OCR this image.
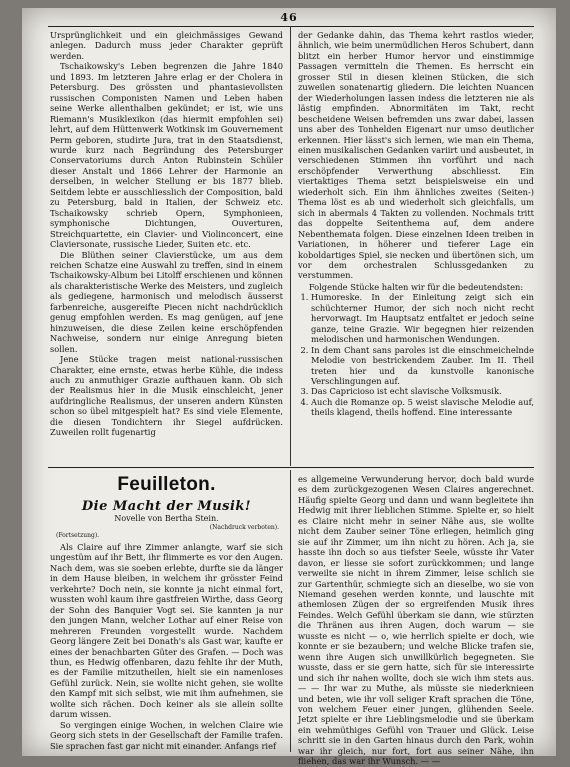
46

Ursprünglichkeit und ein gleichmässiges Gewand anlegen. Dadurch muss jeder Charakter geprüft werden.

Tschaikowsky's Leben begrenzen die Jahre 1840 und 1893. Im letzteren Jahre erlag er der Cholera in Petersburg. Des grössten und phantasievollsten russischen Componisten Namen und Leben haben seine Werke allenthalben gekündet; er ist, wie uns Riemann's Musiklexikon (das hiermit empfohlen sei) lehrt, auf dem Hüttenwerk Wotkinsk im Gouvernement Perm geboren, studirte Jura, trat in den Staatsdienst, wurde kurz nach Begründung des Petersburger Conservatoriums durch Anton Rubinstein Schüler dieser Anstalt und 1866 Lehrer der Harmonie an derselben, in welcher Stellung er bis 1877 blieb. Seitdem lebte er ausschliesslich der Composition, bald zu Petersburg, bald in Italien, der Schweiz etc. Tschaikowsky schrieb Opern, Symphonieen, symphonische Dichtungen, Ouverturen, Streichquartette, ein Clavier- und Violinconcert, eine Claviersonate, russische Lieder, Suiten etc. etc.

Die Blüthen seiner Clavierstücke, um aus dem reichen Schatze eine Auswahl zu treffen, sind in einem Tschaikowsky-Album bei Litolff erschienen und können als charakteristische Werke des Meisters, und zugleich als gediegene, harmonisch und melodisch äusserst farbenreiche, ausgereifte Piecen nicht nachdrücklich genug empfohlen werden. Es mag genügen, auf jene hinzuweisen, die diese Zeilen keine erschöpfenden Nachweise, sondern nur einige Anregung bieten sollen.

Jene Stücke tragen meist national-russischen Charakter, eine ernste, etwas herbe Kühle, die indess auch zu anmuthiger Grazie aufthauen kann. Ob sich der Realismus hier in die Musik einschleicht, jener aufdringliche Realismus, der unseren andern Künsten schon so übel mitgespielt hat? Es sind viele Elemente, die diesen Tondichtern ihr Siegel aufdrücken. Zuweilen rollt fugenartig

der Gedanke dahin, das Thema kehrt rastlos wieder, ähnlich, wie beim unermüdlichen Heros Schubert, dann blitzt ein herber Humor hervor und einstimmige Passagen vermitteln die Themen. Es herrscht ein grosser Stil in diesen kleinen Stücken, die sich zuweilen sonatenartig gliedern. Die leichten Nuancen der Wiederholungen lassen indess die letzteren nie als lästig empfinden. Abnormitäten im Takt, recht bescheidene Weisen befremden uns zwar dabei, lassen uns aber des Tonhelden Eigenart nur umso deutlicher erkennen. Hier lässt's sich lernen, wie man ein Thema, einen musikalischen Gedanken variirt und ausbeutet, in verschiedenen Stimmen ihn vorführt und nach erschöpfender Verwerthung abschliesst. Ein viertaktiges Thema setzt beispielsweise ein und wiederholt sich. Ein ihm ähnliches zweites (Seiten-) Thema löst es ab und wiederholt sich gleichfalls, um sich in abermals 4 Takten zu vollenden. Nochmals tritt das doppelte Seitenthema auf, dem andere Nebenthemata folgen. Diese einzelnen Ideen treiben in Variationen, in höherer und tieferer Lage ein koboldartiges Spiel, sie necken und übertönen sich, um vor dem orchestralen Schlussgedanken zu verstummen.

Folgende Stücke halten wir für die bedeutendsten:

1. Humoreske. In der Einleitung zeigt sich ein schüchterner Humor, der sich noch nicht recht hervorwagt. Im Hauptsatz entfaltet er jedoch seine ganze, teine Grazie. Wir begegnen hier reizenden melodischen und harmonischen Wendungen.
2. In dem Chant sans paroles ist die einschmeichelnde Melodie von bestrickendem Zauber. Im II. Theil treten hier und da kunstvolle kanonische Verschlingungen auf.
3. Das Capricioso ist echt slavische Volksmusik.
4. Auch die Romanze op. 5 weist slavische Melodie auf, theils klagend, theils hoffend. Eine interessante
Feuilleton.
Die Macht der Musik!
Novelle von Bertha Stein.
(Nachdruck verboten).
(Fortsetzung).

Als Claire auf ihre Zimmer anlangte, warf sie sich ungestüm auf ihr Bett, ihr flimmerte es vor den Augen. Nach dem, was sie soeben erlebte, durfte sie da länger in dem Hause bleiben, in welchem ihr grösster Feind verkehrte? Doch nein, sie konnte ja nicht einmal fort, wussten wohl kaum ihre gastfreien Wirthe, dass Georg der Sohn des Banquier Vogt sei. Sie kannten ja nur den jungen Mann, welcher Lothar auf einer Reise von mehreren Freunden vorgestellt wurde. Nachdem Georg längere Zeit bei Donath's als Gast war, kaufte er eines der benachbarten Güter des Grafen. — Doch was thun, es Hedwig offenbaren, dazu fehlte ihr der Muth, es der Familie mitzutheilen, hielt sie ein namenloses Gefühl zurück. Nein, sie wollte nicht gehen, sie wollte den Kampf mit sich selbst, wie mit ihm aufnehmen, sie wollte sich rächen. Doch keiner als sie allein sollte darum wissen.

So vergingen einige Wochen, in welchen Claire wie Georg sich stets in der Gesellschaft der Familie trafen. Sie sprachen fast gar nicht mit einander. Anfangs rief

es allgemeine Verwunderung hervor, doch bald wurde es dem zurückgezogenen Wesen Claires angerechnet. Häufig spielte Georg und dann und wann begleitete ihn Hedwig mit ihrer lieblichen Stimme. Spielte er, so hielt es Claire nicht mehr in seiner Nähe aus, sie wollte nicht dem Zauber seiner Töne erliegen, heimlich ging sie auf ihr Zimmer, um ihn nicht zu hören. Ach ja, sie hasste ihn doch so aus tiefster Seele, wüsste ihr Vater davon, er liesse sie sofort zurückkommen; und lange verweilte sie nicht in ihrem Zimmer, leise schlich sie zur Gartenthür, schmiegte sich an dieselbe, wo sie von Niemand gesehen werden konnte, und lauschte mit athemlosen Zügen der so ergreifenden Musik ihres Feindes. Welch Gefühl überkam sie dann, wie stürzten die Thränen aus ihren Augen, doch warum — sie wusste es nicht — o, wie herrlich spielte er doch, wie konnte er sie bezaubern; und welche Blicke trafen sie, wenn ihre Augen sich unwillkürlich begegneten. Sie wusste, dass er sie gern hatte, sich für sie interessirte und sich ihr nahen wollte, doch sie wich ihm stets aus. — — Ihr war zu Muthe, als müsste sie niederknieen und beten, wie ihr voll seliger Kraft sprachen die Töne, von welchem Feuer einer jungen, glühenden Seele. Jetzt spielte er ihre Lieblingsmelodie und sie überkam ein wehmüthiges Gefühl von Trauer und Glück. Leise schritt sie in den Garten hinaus durch den Park, wohin war ihr gleich, nur fort, fort aus seiner Nähe, ihn fliehen, das war ihr Wunsch. — —
